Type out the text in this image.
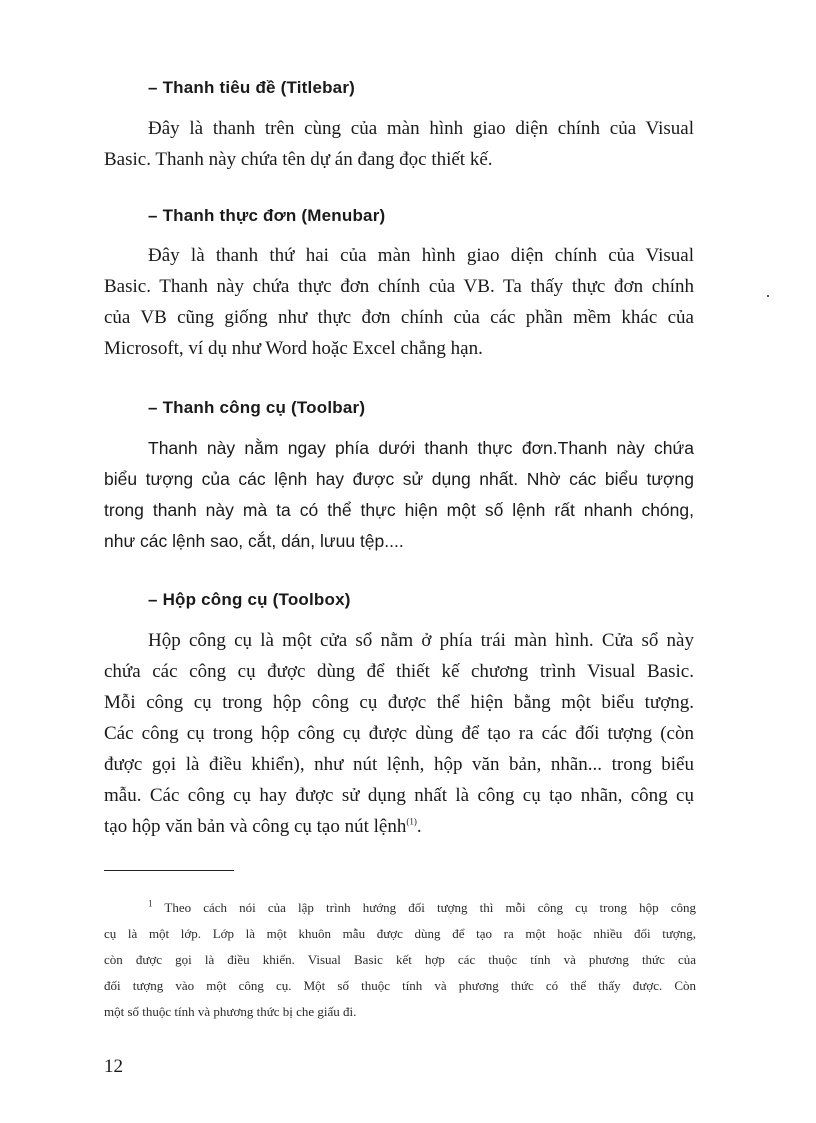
– Thanh tiêu đề (Titlebar)
Đây là thanh trên cùng của màn hình giao diện chính của Visual
Basic. Thanh này chứa tên dự án đang đọc thiết kế.
– Thanh thực đơn (Menubar)
Đây là thanh thứ hai của màn hình giao diện chính của Visual
Basic. Thanh này chứa thực đơn chính của VB. Ta thấy thực đơn chính
của VB cũng giống như thực đơn chính của các phần mềm khác của
Microsoft, ví dụ như Word hoặc Excel chẳng hạn.
– Thanh công cụ (Toolbar)
Thanh này nằm ngay phía dưới thanh thực đơn.Thanh này chứa
biểu tượng của các lệnh hay được sử dụng nhất. Nhờ các biểu tượng
trong thanh này mà ta có thể thực hiện một số lệnh rất nhanh chóng,
như các lệnh sao, cắt, dán, lưuu tệp....
– Hộp công cụ (Toolbox)
Hộp công cụ là một cửa sổ nằm ở phía trái màn hình. Cửa sổ này
chứa các công cụ được dùng để thiết kế chương trình Visual Basic.
Mỗi công cụ trong hộp công cụ được thể hiện bằng một biểu tượng.
Các công cụ trong hộp công cụ được dùng để tạo ra các đối tượng (còn
được gọi là điều khiển), như nút lệnh, hộp văn bản, nhãn... trong biểu
mẫu. Các công cụ hay được sử dụng nhất là công cụ tạo nhãn, công cụ
tạo hộp văn bản và công cụ tạo nút lệnh$^{(1)}$.
$^1$ Theo cách nói của lập trình hướng đối tượng thì mỗi công cụ trong hộp công
cụ là một lớp. Lớp là một khuôn mẫu được dùng để tạo ra một hoặc nhiều đối tượng,
còn được gọi là điều khiển. Visual Basic kết hợp các thuộc tính và phương thức của
đối tượng vào một công cụ. Một số thuộc tính và phương thức có thể thấy được. Còn
một số thuộc tính và phương thức bị che giấu đi.
12
